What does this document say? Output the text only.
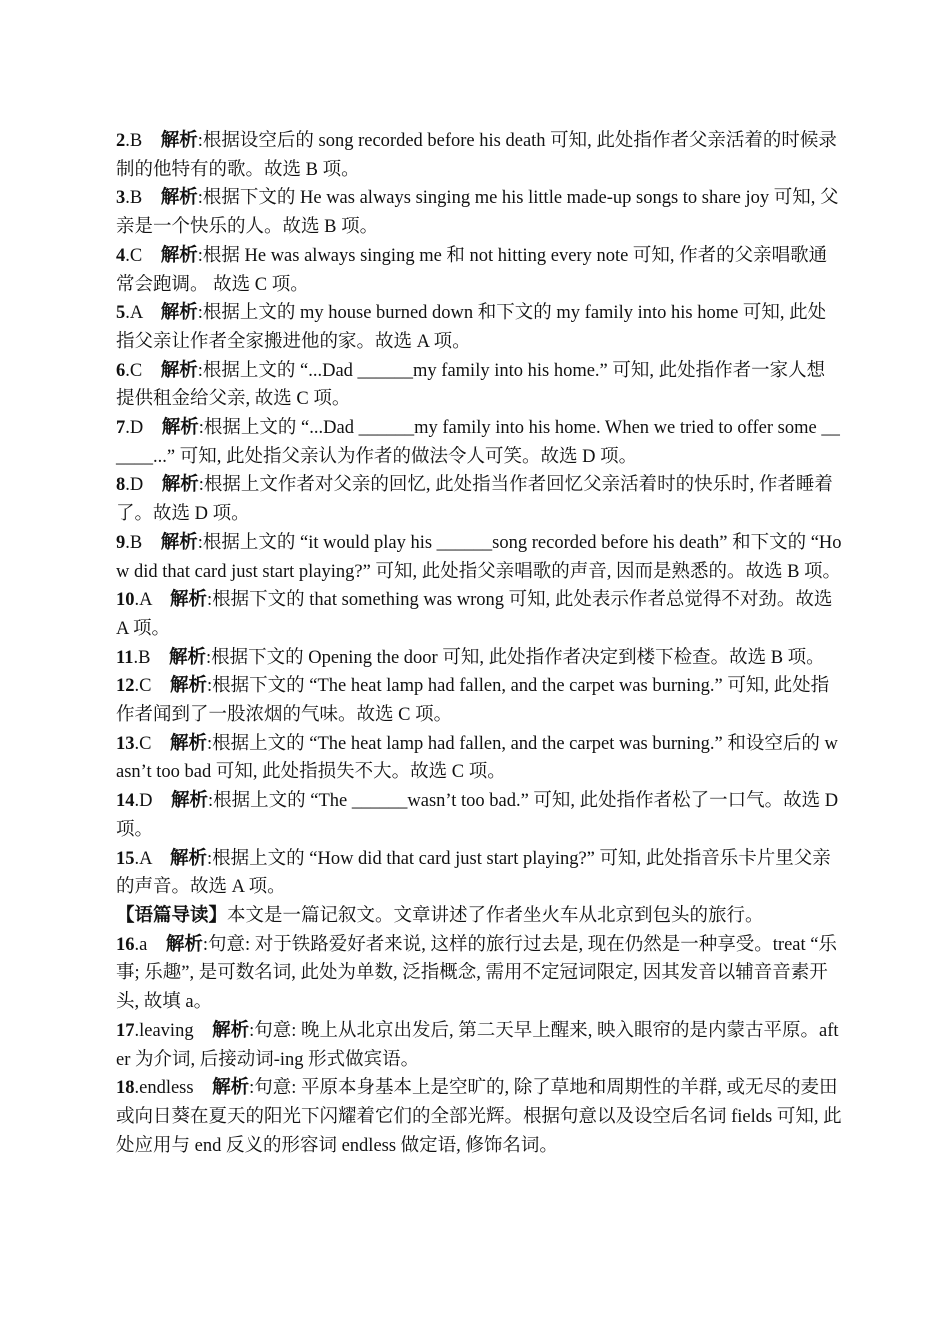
2.B 解析:根据设空后的 song recorded before his death 可知, 此处指作者父亲活着的时候录制的他特有的歌。故选 B 项。

3.B 解析:根据下文的 He was always singing me his little made-up songs to share joy 可知, 父亲是一个快乐的人。故选 B 项。

4.C 解析:根据 He was always singing me 和 not hitting every note 可知, 作者的父亲唱歌通常会跑调。 故选 C 项。

5.A 解析:根据上文的 my house burned down 和下文的 my family into his home 可知, 此处指父亲让作者全家搬进他的家。故选 A 项。

6.C 解析:根据上文的 “...Dad ______my family into his home.” 可知, 此处指作者一家人想提供租金给父亲, 故选 C 项。

7.D 解析:根据上文的 “...Dad ______my family into his home. When we tried to offer some ______...” 可知, 此处指父亲认为作者的做法令人可笑。故选 D 项。

8.D 解析:根据上文作者对父亲的回忆, 此处指当作者回忆父亲活着时的快乐时, 作者睡着了。故选 D 项。

9.B 解析:根据上文的 “it would play his ______song recorded before his death” 和下文的 “How did that card just start playing?” 可知, 此处指父亲唱歌的声音, 因而是熟悉的。故选 B 项。

10.A 解析:根据下文的 that something was wrong 可知, 此处表示作者总觉得不对劲。故选 A 项。

11.B 解析:根据下文的 Opening the door 可知, 此处指作者决定到楼下检查。故选 B 项。

12.C 解析:根据下文的 “The heat lamp had fallen, and the carpet was burning.” 可知, 此处指作者闻到了一股浓烟的气味。故选 C 项。

13.C 解析:根据上文的 “The heat lamp had fallen, and the carpet was burning.” 和设空后的 wasn’t too bad 可知, 此处指损失不大。故选 C 项。

14.D 解析:根据上文的 “The ______wasn’t too bad.” 可知, 此处指作者松了一口气。故选 D 项。

15.A 解析:根据上文的 “How did that card just start playing?” 可知, 此处指音乐卡片里父亲的声音。故选 A 项。

【语篇导读】本文是一篇记叙文。文章讲述了作者坐火车从北京到包头的旅行。

16.a 解析:句意: 对于铁路爱好者来说, 这样的旅行过去是, 现在仍然是一种享受。treat “乐事; 乐趣”, 是可数名词, 此处为单数, 泛指概念, 需用不定冠词限定, 因其发音以辅音音素开头, 故填 a。

17.leaving 解析:句意: 晚上从北京出发后, 第二天早上醒来, 映入眼帘的是内蒙古平原。after 为介词, 后接动词-ing 形式做宾语。

18.endless 解析:句意: 平原本身基本上是空旷的, 除了草地和周期性的羊群, 或无尽的麦田或向日葵在夏天的阳光下闪耀着它们的全部光辉。根据句意以及设空后名词 fields 可知, 此处应用与 end 反义的形容词 endless 做定语, 修饰名词。
